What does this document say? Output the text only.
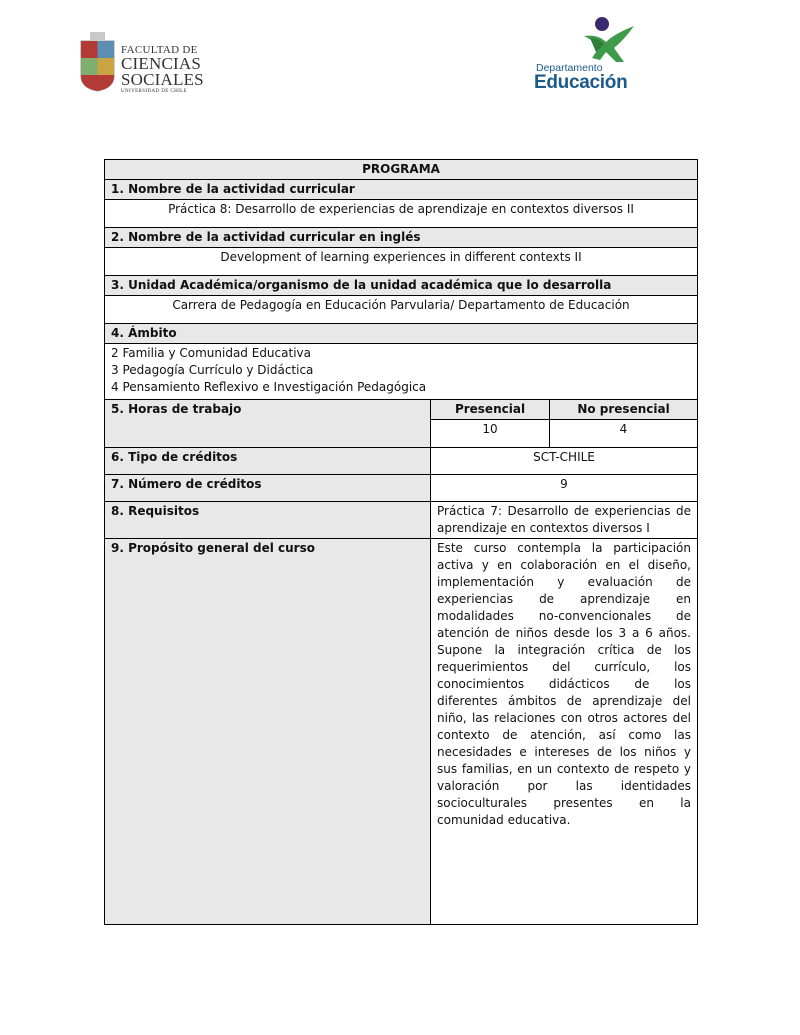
FACULTAD DE
CIENCIAS
SOCIALES
UNIVERSIDAD DE CHILE
Departamento
Educación
PROGRAMA		
1. Nombre de la actividad curricular		
Práctica 8: Desarrollo de experiencias de aprendizaje en contextos diversos II		
2. Nombre de la actividad curricular en inglés		
Development of learning experiences in different contexts II		
3. Unidad Académica/organismo de la unidad académica que lo desarrolla		
Carrera de Pedagogía en Educación Parvularia/ Departamento de Educación		
4. Ámbito		

2 Familia y Comunidad Educativa
3 Pedagogía Currículo y Didáctica
4 Pensamiento Reflexivo e Investigación Pedagógica		

5. Horas de trabajo	Presencial	No presencial
	10	4
6. Tipo de créditos	SCT-CHILE	
7. Número de créditos	9	
8. Requisitos	Práctica 7: Desarrollo de experiencias de aprendizaje en contextos diversos I	
9. Propósito general del curso	Este curso contempla la participación activa y en colaboración en el diseño, implementación y evaluación de experiencias de aprendizaje en modalidades no-convencionales de atención de niños desde los 3 a 6 años. Supone la integración crítica de los requerimientos del currículo, los conocimientos didácticos de los diferentes ámbitos de aprendizaje del niño, las relaciones con otros actores del contexto de atención, así como las necesidades e intereses de los niños y sus familias, en un contexto de respeto y valoración por las identidades socioculturales presentes en la comunidad educativa.	
